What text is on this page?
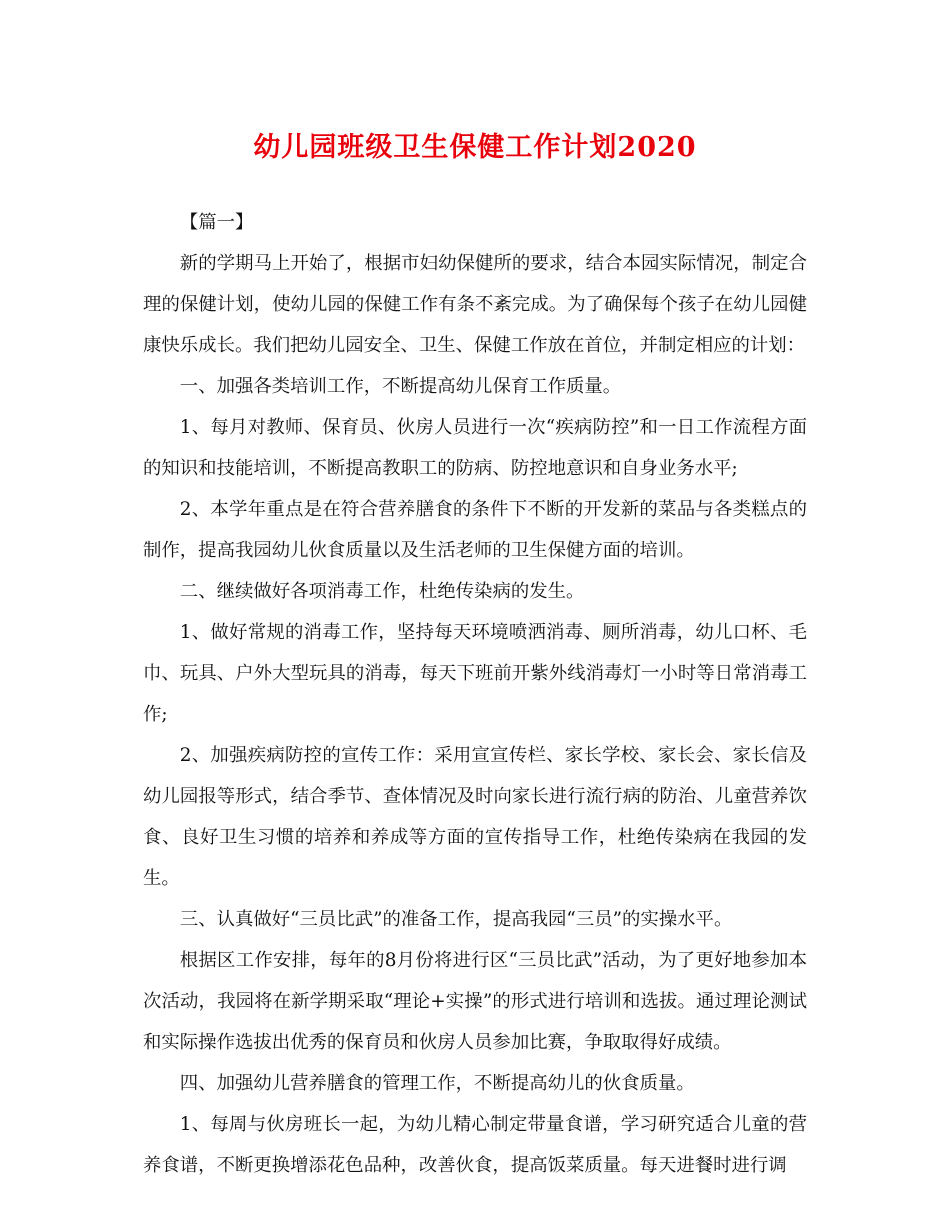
幼儿园班级卫生保健工作计划2020

【篇一】

新的学期马上开始了，根据市妇幼保健所的要求，结合本园实际情况，制定合理的保健计划，使幼儿园的保健工作有条不紊完成。为了确保每个孩子在幼儿园健康快乐成长。我们把幼儿园安全、卫生、保健工作放在首位，并制定相应的计划：

一、加强各类培训工作，不断提高幼儿保育工作质量。

1、每月对教师、保育员、伙房人员进行一次“疾病防控”和一日工作流程方面的知识和技能培训，不断提高教职工的防病、防控地意识和自身业务水平;

2、本学年重点是在符合营养膳食的条件下不断的开发新的菜品与各类糕点的制作，提高我园幼儿伙食质量以及生活老师的卫生保健方面的培训。

二、继续做好各项消毒工作，杜绝传染病的发生。

1、做好常规的消毒工作，坚持每天环境喷洒消毒、厕所消毒，幼儿口杯、毛巾、玩具、户外大型玩具的消毒，每天下班前开紫外线消毒灯一小时等日常消毒工作;

2、加强疾病防控的宣传工作：采用宣宣传栏、家长学校、家长会、家长信及幼儿园报等形式，结合季节、查体情况及时向家长进行流行病的防治、儿童营养饮食、良好卫生习惯的培养和养成等方面的宣传指导工作，杜绝传染病在我园的发生。

三、认真做好“三员比武”的准备工作，提高我园“三员”的实操水平。

根据区工作安排，每年的8月份将进行区“三员比武”活动，为了更好地参加本次活动，我园将在新学期采取“理论+实操”的形式进行培训和选拔。通过理论测试和实际操作选拔出优秀的保育员和伙房人员参加比赛，争取取得好成绩。

四、加强幼儿营养膳食的管理工作，不断提高幼儿的伙食质量。

1、每周与伙房班长一起，为幼儿精心制定带量食谱，学习研究适合儿童的营养食谱，不断更换增添花色品种，改善伙食，提高饭菜质量。每天进餐时进行调
